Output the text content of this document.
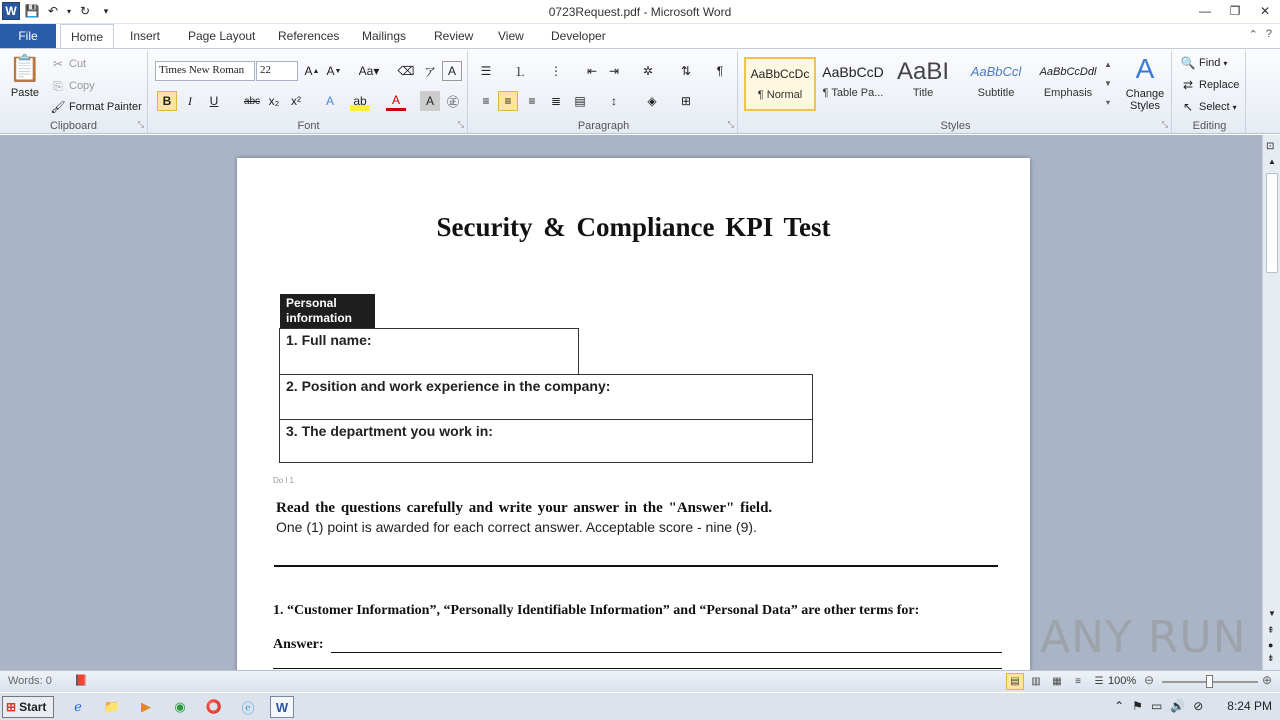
W 💾 ↶	▾ ↻	▾	0723Request.pdf - Microsoft Word	—	❐	✕
File	Home	Insert	Page Layout	References	Mailings	Review	View	Developer	⌃ ?
📋
Paste
✂ Cut
⎘ Copy
🖌 Format Painter
Clipboard	⤡
Times New Roman	22	A ▲ A ▼ Aa▾ ⌫ ア A
B	I	U	abc x₂ x²	A	ab	A	A	㊣
Font	⤡
☰	⒈	⋮	⇤ ⇥	✲	⇅	¶
≡	≡	≡	≣	▤	↕	◈	⊞
Paragraph	⤡
AaBbCcDc
¶ Normal
AaBbCcD
¶ Table Pa...
AaBI
Title
AaBbCcl
Subtitle
AaBbCcDdl
Emphasis
▲
▼
▾
A
Change Styles
Styles	⤡
🔍 Find ▾
⇄ Replace
↖ Select ▾
Editing
Security & Compliance KPI Test
Personal information
1. Full name:
2. Position and work experience in the company:
3. The department you work in:
Do l 1
Read the questions carefully and write your answer in the "Answer" field.
One (1) point is awarded for each correct answer. Acceptable score - nine (9).
1. “Customer Information”, “Personally Identifiable Information” and “Personal Data” are other terms for:
Answer:
⊡
▲
▼
⇞
●
⇟
ANY RUN
Words: 0 📕	▤	▥	▦	≡	☰ 100% ⊖	⊕
⊞ Start	ℯ	📁	▶	◉	⭕	ⓔ	W	⌃ ⚑ ▭ 🔊 ⊘ 8:24 PM
